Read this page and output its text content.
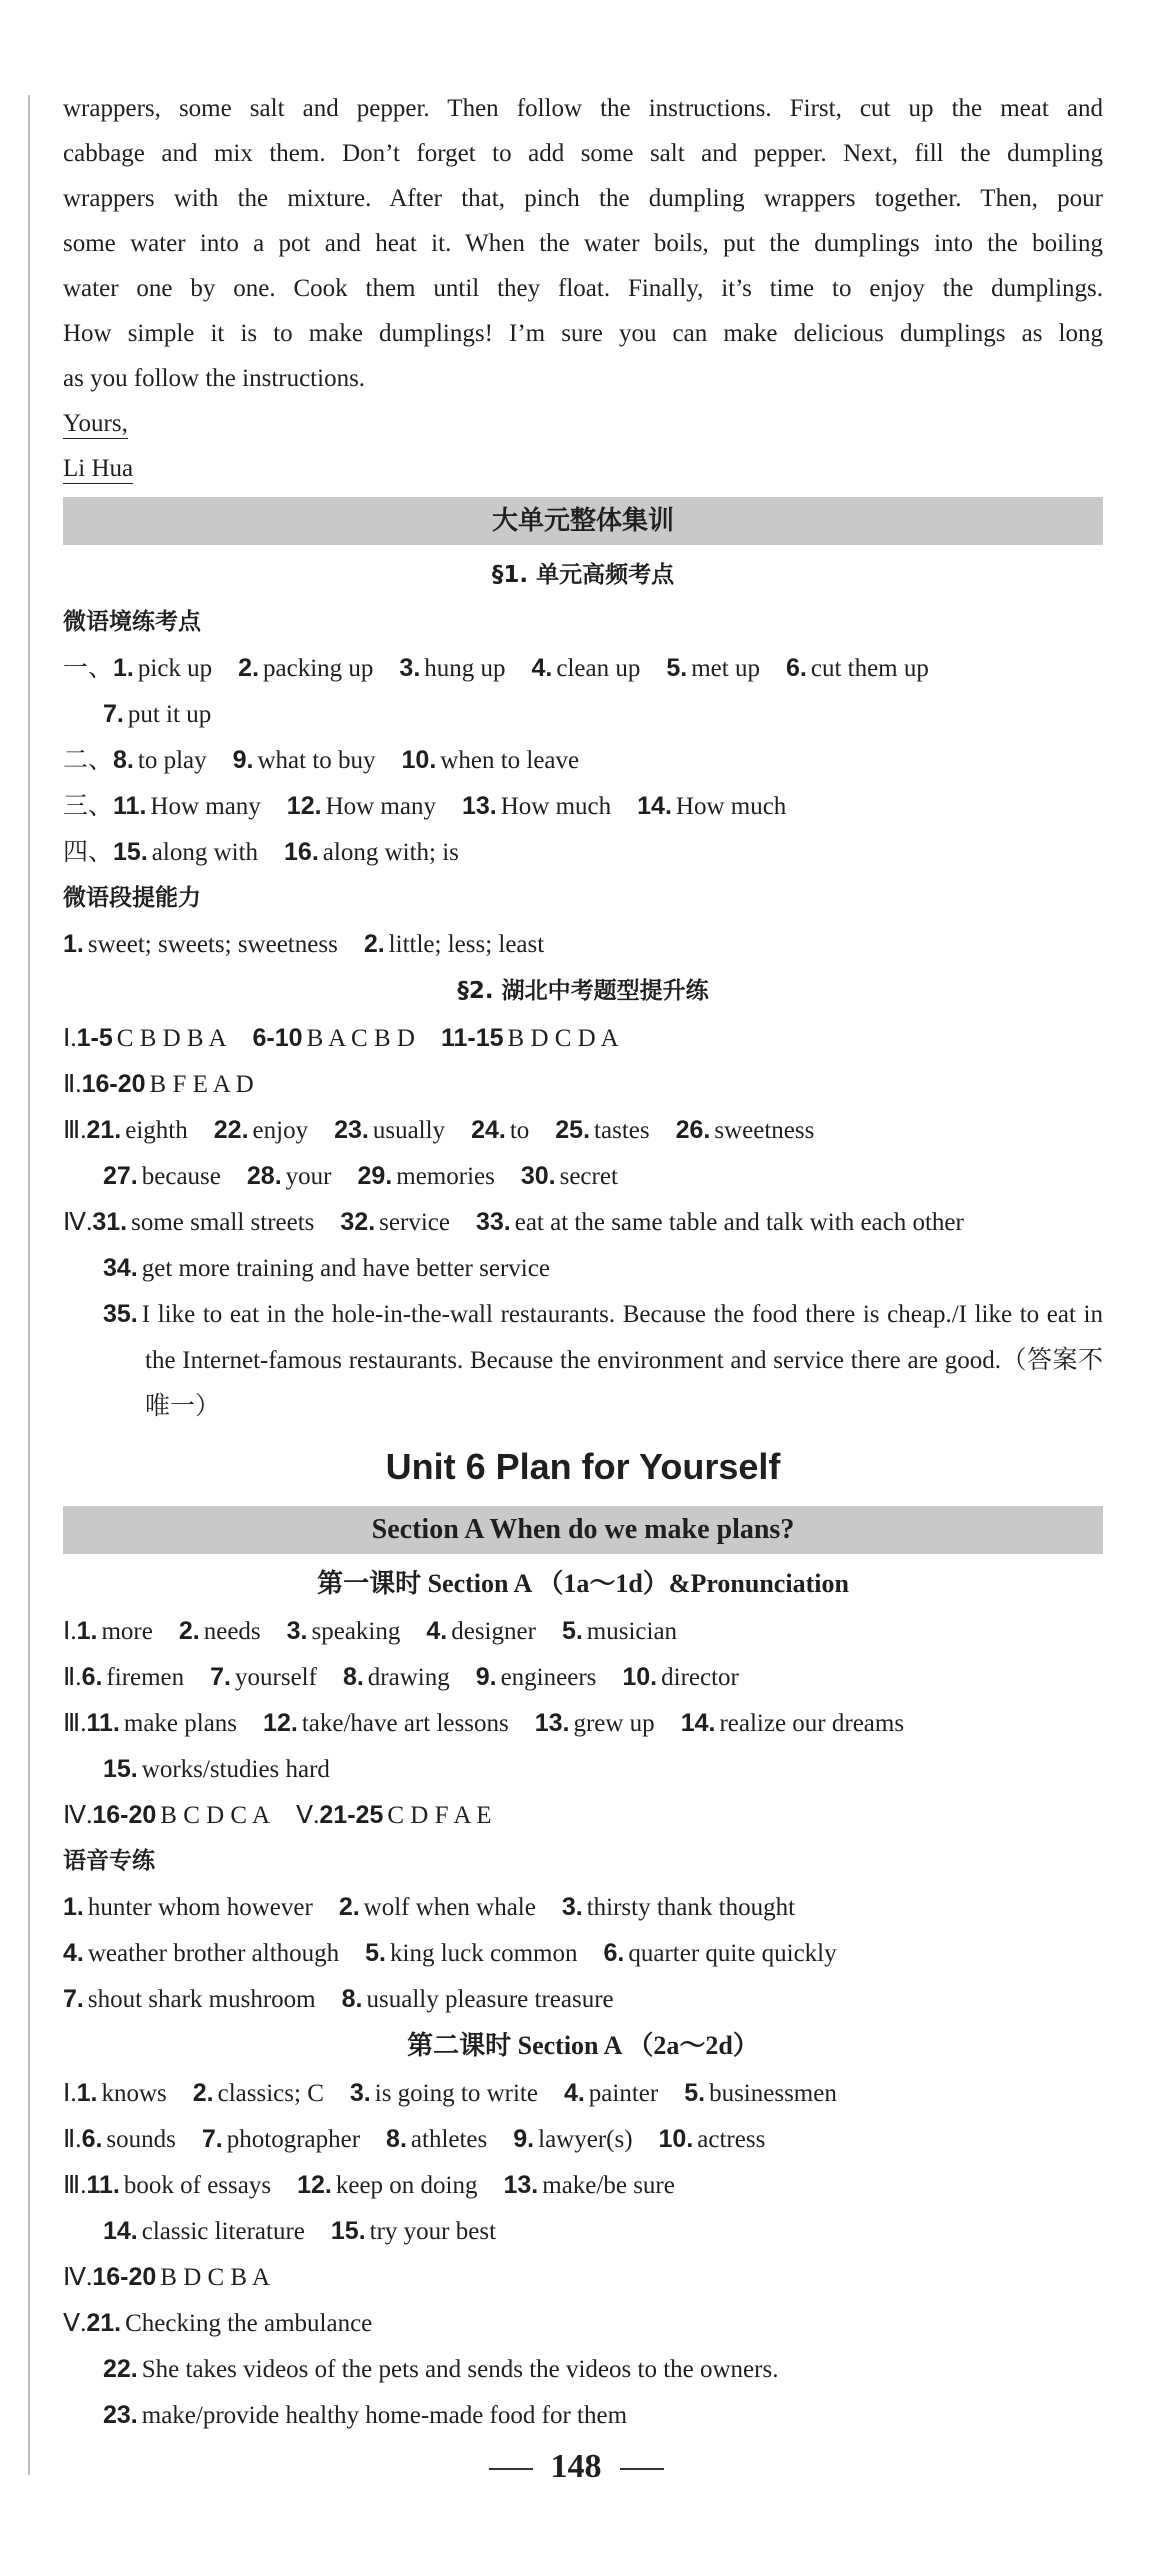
wrappers, some salt and pepper. Then follow the instructions. First, cut up the meat and
cabbage and mix them. Don’t forget to add some salt and pepper. Next, fill the dumpling
wrappers with the mixture. After that, pinch the dumpling wrappers together. Then, pour
some water into a pot and heat it. When the water boils, put the dumplings into the boiling
water one by one. Cook them until they float. Finally, it’s time to enjoy the dumplings.
How simple it is to make dumplings! I’m sure you can make delicious dumplings as long
as you follow the instructions.
Yours,
Li Hua
大单元整体集训
§1. 单元高频考点
微语境练考点
一、1. pick up 2. packing up 3. hung up 4. clean up 5. met up 6. cut them up
7. put it up
二、8. to play 9. what to buy 10. when to leave
三、11. How many 12. How many 13. How much 14. How much
四、15. along with 16. along with; is
微语段提能力
1. sweet; sweets; sweetness 2. little; less; least
§2. 湖北中考题型提升练
Ⅰ.1-5 C B D B A 6-10 B A C B D 11-15 B D C D A
Ⅱ.16-20 B F E A D
Ⅲ.21. eighth 22. enjoy 23. usually 24. to 25. tastes 26. sweetness
27. because 28. your 29. memories 30. secret
Ⅳ.31. some small streets 32. service 33. eat at the same table and talk with each other
34. get more training and have better service
35. I like to eat in the hole-in-the-wall restaurants. Because the food there is cheap./I like to eat in the Internet-famous restaurants. Because the environment and service there are good.（答案不唯一）
Unit 6 Plan for Yourself
Section A When do we make plans?
第一课时 Section A （1a～1d）&Pronunciation
Ⅰ.1. more 2. needs 3. speaking 4. designer 5. musician
Ⅱ.6. firemen 7. yourself 8. drawing 9. engineers 10. director
Ⅲ.11. make plans 12. take/have art lessons 13. grew up 14. realize our dreams
15. works/studies hard
Ⅳ.16-20 B C D C A Ⅴ.21-25 C D F A E
语音专练
1. hunter whom however 2. wolf when whale 3. thirsty thank thought
4. weather brother although 5. king luck common 6. quarter quite quickly
7. shout shark mushroom 8. usually pleasure treasure
第二课时 Section A （2a～2d）
Ⅰ.1. knows 2. classics; C 3. is going to write 4. painter 5. businessmen
Ⅱ.6. sounds 7. photographer 8. athletes 9. lawyer(s) 10. actress
Ⅲ.11. book of essays 12. keep on doing 13. make/be sure
14. classic literature 15. try your best
Ⅳ.16-20 B D C B A
Ⅴ.21. Checking the ambulance
22. She takes videos of the pets and sends the videos to the owners.
23. make/provide healthy home-made food for them
148
